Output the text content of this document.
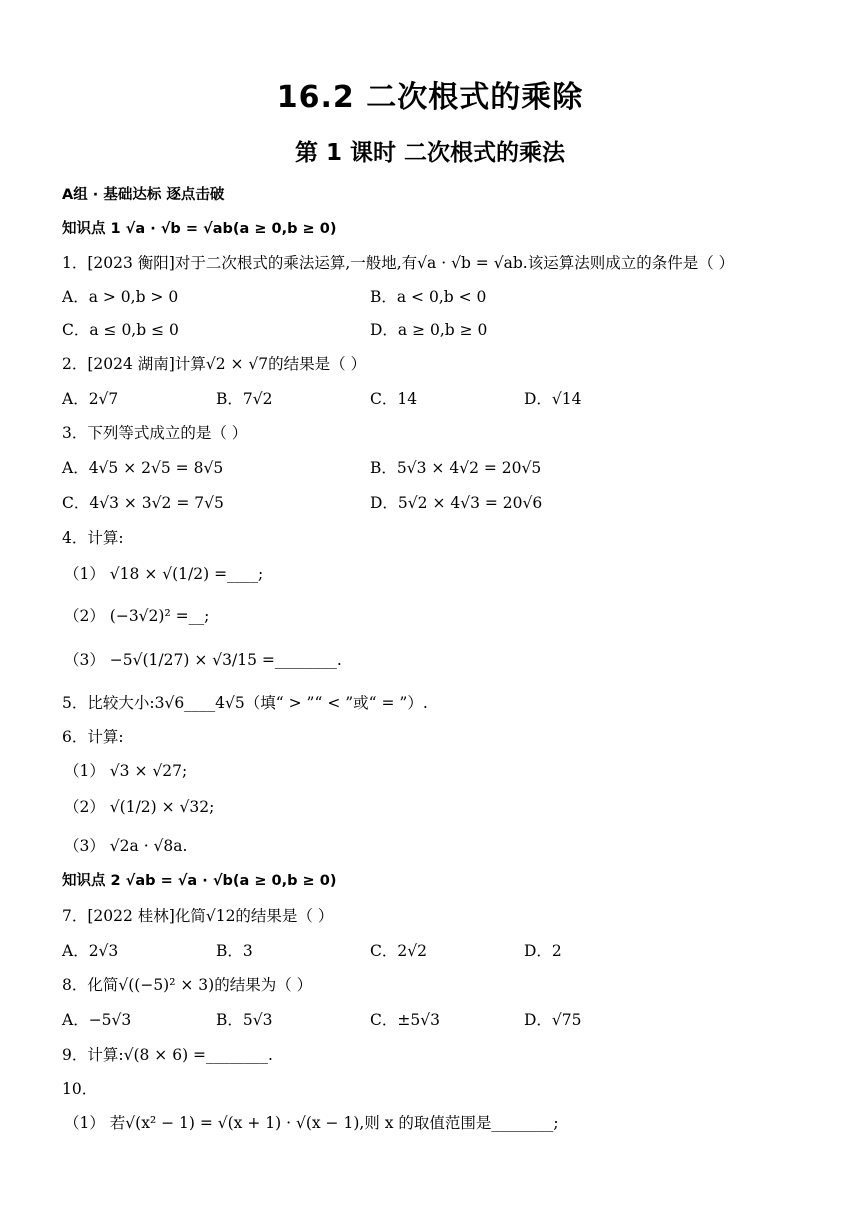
16.2 二次根式的乘除
第 1 课时 二次根式的乘法
A组 · 基础达标 逐点击破
知识点 1 √a · √b = √ab(a ≥ 0,b ≥ 0)
1．[2023 衡阳]对于二次根式的乘法运算,一般地,有√a · √b = √ab.该运算法则成立的条件是（ ）
A．a > 0,b > 0	B．a < 0,b < 0
C．a ≤ 0,b ≤ 0	D．a ≥ 0,b ≥ 0
2．[2024 湖南]计算√2 × √7的结果是（ ）
A．2√7	B．7√2	C．14	D．√14
3．下列等式成立的是（ ）
A．4√5 × 2√5 = 8√5	B．5√3 × 4√2 = 20√5
C．4√3 × 3√2 = 7√5	D．5√2 × 4√3 = 20√6
4．计算:
（1） √18 × √(1/2) =____;
（2） (−3√2)² =__;
（3） −5√(1/27) × √3/15 =________.
5．比较大小:3√6____4√5（填“ > ”“ < ”或“ = ”）.
6．计算:
（1） √3 × √27;
（2） √(1/2) × √32;
（3） √2a · √8a.
知识点 2 √ab = √a · √b(a ≥ 0,b ≥ 0)
7．[2022 桂林]化简√12的结果是（ ）
A．2√3	B．3	C．2√2	D．2
8．化简√((−5)² × 3)的结果为（ ）
A．−5√3	B．5√3	C．±5√3	D．√75
9．计算:√(8 × 6) =________.
10．
（1） 若√(x² − 1) = √(x + 1) · √(x − 1),则 x 的取值范围是________;
